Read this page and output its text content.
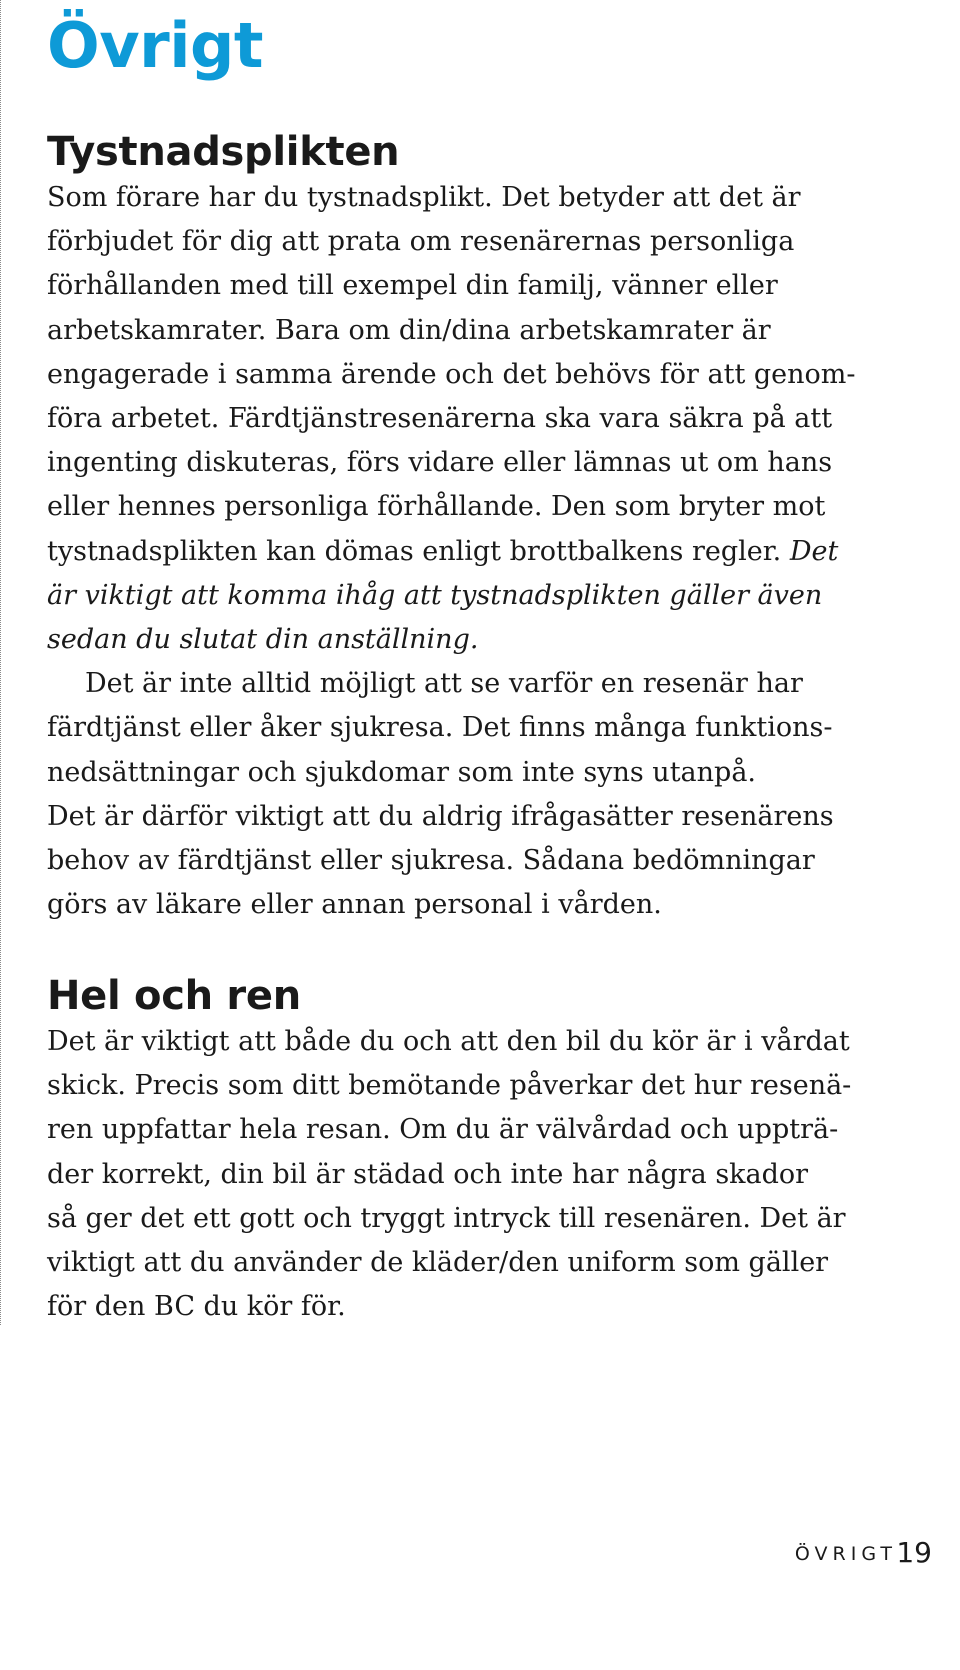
Övrigt
Tystnadsplikten

Som förare har du tystnadsplikt. Det betyder att det är
förbjudet för dig att prata om resenärernas personliga
förhållanden med till exempel din familj, vänner eller
arbetskamrater. Bara om din/dina arbetskamrater är
engagerade i samma ärende och det behövs för att genom-
föra arbetet. Färdtjänstresenärerna ska vara säkra på att
ingenting diskuteras, förs vidare eller lämnas ut om hans
eller hennes personliga förhållande. Den som bryter mot
tystnadsplikten kan dömas enligt brottbalkens regler. Det
är viktigt att komma ihåg att tystnadsplikten gäller även
sedan du slutat din anställning.
Det är inte alltid möjligt att se varför en resenär har
färdtjänst eller åker sjukresa. Det finns många funktions-
nedsättningar och sjukdomar som inte syns utanpå.
Det är därför viktigt att du aldrig ifrågasätter resenärens
behov av färdtjänst eller sjukresa. Sådana bedömningar
görs av läkare eller annan personal i vården.

Hel och ren

Det är viktigt att både du och att den bil du kör är i vårdat
skick. Precis som ditt bemötande påverkar det hur resenä-
ren uppfattar hela resan. Om du är välvårdad och uppträ-
der korrekt, din bil är städad och inte har några skador
så ger det ett gott och tryggt intryck till resenären. Det är
viktigt att du använder de kläder/den uniform som gäller
för den BC du kör för.

ÖVRIGT 19
